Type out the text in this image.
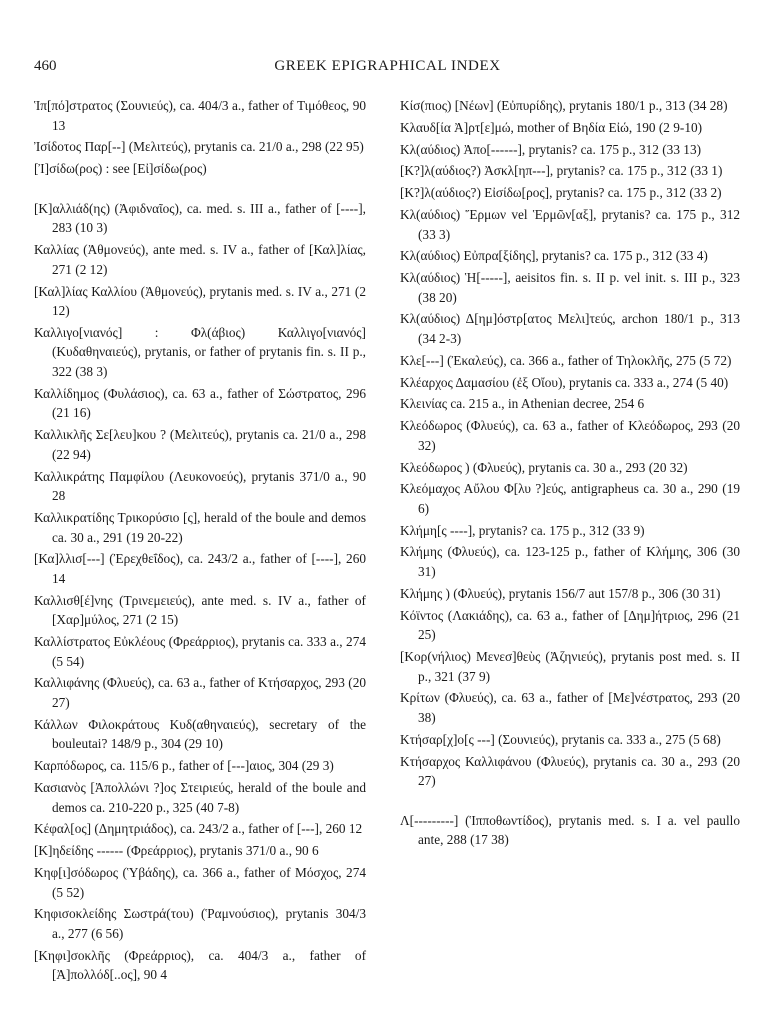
460	GREEK EPIGRAPHICAL INDEX

Ἱπ[πό]στρατος (Σουνιεύς), ca. 404/3 a., father of Τιμόθεος, 90 13

Ἰσίδοτος Παρ[--] (Μελιτεύς), prytanis ca. 21/0 a., 298 (22 95)

[Ἰ]σίδω(ρος) : see [Εἰ]σίδω(ρος)

[Κ]αλλιάδ(ης) (Ἀφιδναῖος), ca. med. s. III a., father of [----], 283 (10 3)

Καλλίας (Ἀθμονεύς), ante med. s. IV a., father of [Καλ]λίας, 271 (2 12)

[Καλ]λίας Καλλίου (Ἀθμονεύς), prytanis med. s. IV a., 271 (2 12)

Καλλιγο[νιανός] : Φλ(άβιος) Καλλιγο[νιανός] (Κυδαθηναιεύς), prytanis, or father of prytanis fin. s. II p., 322 (38 3)

Καλλίδημος (Φυλάσιος), ca. 63 a., father of Σώστρατος, 296 (21 16)

Καλλικλῆς Σε[λευ]κου ? (Μελιτεύς), prytanis ca. 21/0 a., 298 (22 94)

Καλλικράτης Παμφίλου (Λευκονοεύς), prytanis 371/0 a., 90 28

Καλλικρατίδης Τρικορύσιο [ς], herald of the boule and demos ca. 30 a., 291 (19 20-22)

[Κα]λλισ[---] (Ἐρεχθεΐδος), ca. 243/2 a., father of [----], 260 14

Καλλισθ[έ]νης (Τρινεμειεύς), ante med. s. IV a., father of [Χαρ]μύλος, 271 (2 15)

Καλλίστρατος Εὐκλέους (Φρεάρριος), prytanis ca. 333 a., 274 (5 54)

Καλλιφάνης (Φλυεύς), ca. 63 a., father of Κτήσαρχος, 293 (20 27)

Κάλλων Φιλοκράτους Κυδ(αθηναιεύς), secretary of the bouleutai? 148/9 p., 304 (29 10)

Καρπόδωρος, ca. 115/6 p., father of [---]αιος, 304 (29 3)

Κασιανὸς [Ἀπολλώνι ?]ος Στειριεύς, herald of the boule and demos ca. 210-220 p., 325 (40 7-8)

Κέφαλ[ος] (Δημητριάδος), ca. 243/2 a., father of [---], 260 12

[Κ]ηδείδης ------ (Φρεάρριος), prytanis 371/0 a., 90 6

Κηφ[ι]σόδωρος (Ὑβάδης), ca. 366 a., father of Μόσχος, 274 (5 52)

Κηφισοκλείδης Σωστρά(του) (Ῥαμνούσιος), prytanis 304/3 a., 277 (6 56)

[Κηφι]σοκλῆς (Φρεάρριος), ca. 404/3 a., father of [Ἀ]πολλόδ[..ος], 90 4

Κίσ(πιος) [Νέων] (Εὐπυρίδης), prytanis 180/1 p., 313 (34 28)

Κλαυδ[ία Ἀ]ρτ[ε]μώ, mother of Βηδία Εἰώ, 190 (2 9-10)

Κλ(αύδιος) Ἀπο[------], prytanis? ca. 175 p., 312 (33 13)

[Κ?]λ(αύδιος?) Ἀσκλ[ηπ---], prytanis? ca. 175 p., 312 (33 1)

[Κ?]λ(αύδιος?) Εἰσίδω[ρος], prytanis? ca. 175 p., 312 (33 2)

Κλ(αύδιος) Ἕρμων vel Ἑρμῶν[αξ], prytanis? ca. 175 p., 312 (33 3)

Κλ(αύδιος) Εὐπρα[ξίδης], prytanis? ca. 175 p., 312 (33 4)

Κλ(αύδιος) Ἡ[-----], aeisitos fin. s. II p. vel init. s. III p., 323 (38 20)

Κλ(αύδιος) Δ[ημ]όστρ[ατος Μελι]τεύς, archon 180/1 p., 313 (34 2-3)

Κλε[---] (Ἐκαλεύς), ca. 366 a., father of Τηλοκλῆς, 275 (5 72)

Κλέαρχος Δαμασίου (ἐξ Οἴου), prytanis ca. 333 a., 274 (5 40)

Κλεινίας ca. 215 a., in Athenian decree, 254 6

Κλεόδωρος (Φλυεύς), ca. 63 a., father of Κλεόδωρος, 293 (20 32)

Κλεόδωρος ) (Φλυεύς), prytanis ca. 30 a., 293 (20 32)

Κλεόμαχος Αὔλου Φ[λυ ?]εύς, antigrapheus ca. 30 a., 290 (19 6)

Κλήμη[ς ----], prytanis? ca. 175 p., 312 (33 9)

Κλήμης (Φλυεύς), ca. 123-125 p., father of Κλήμης, 306 (30 31)

Κλήμης ) (Φλυεύς), prytanis 156/7 aut 157/8 p., 306 (30 31)

Κόϊντος (Λακιάδης), ca. 63 a., father of [Δημ]ήτριος, 296 (21 25)

[Κορ(νήλιος) Μενεσ]θεὺς (Ἀζηνιεύς), prytanis post med. s. II p., 321 (37 9)

Κρίτων (Φλυεύς), ca. 63 a., father of [Με]νέστρατος, 293 (20 38)

Κτήσαρ[χ]ο[ς ---] (Σουνιεύς), prytanis ca. 333 a., 275 (5 68)

Κτήσαρχος Καλλιφάνου (Φλυεύς), prytanis ca. 30 a., 293 (20 27)

Λ[---------] (Ἱπποθωντίδος), prytanis med. s. I a. vel paullo ante, 288 (17 38)
